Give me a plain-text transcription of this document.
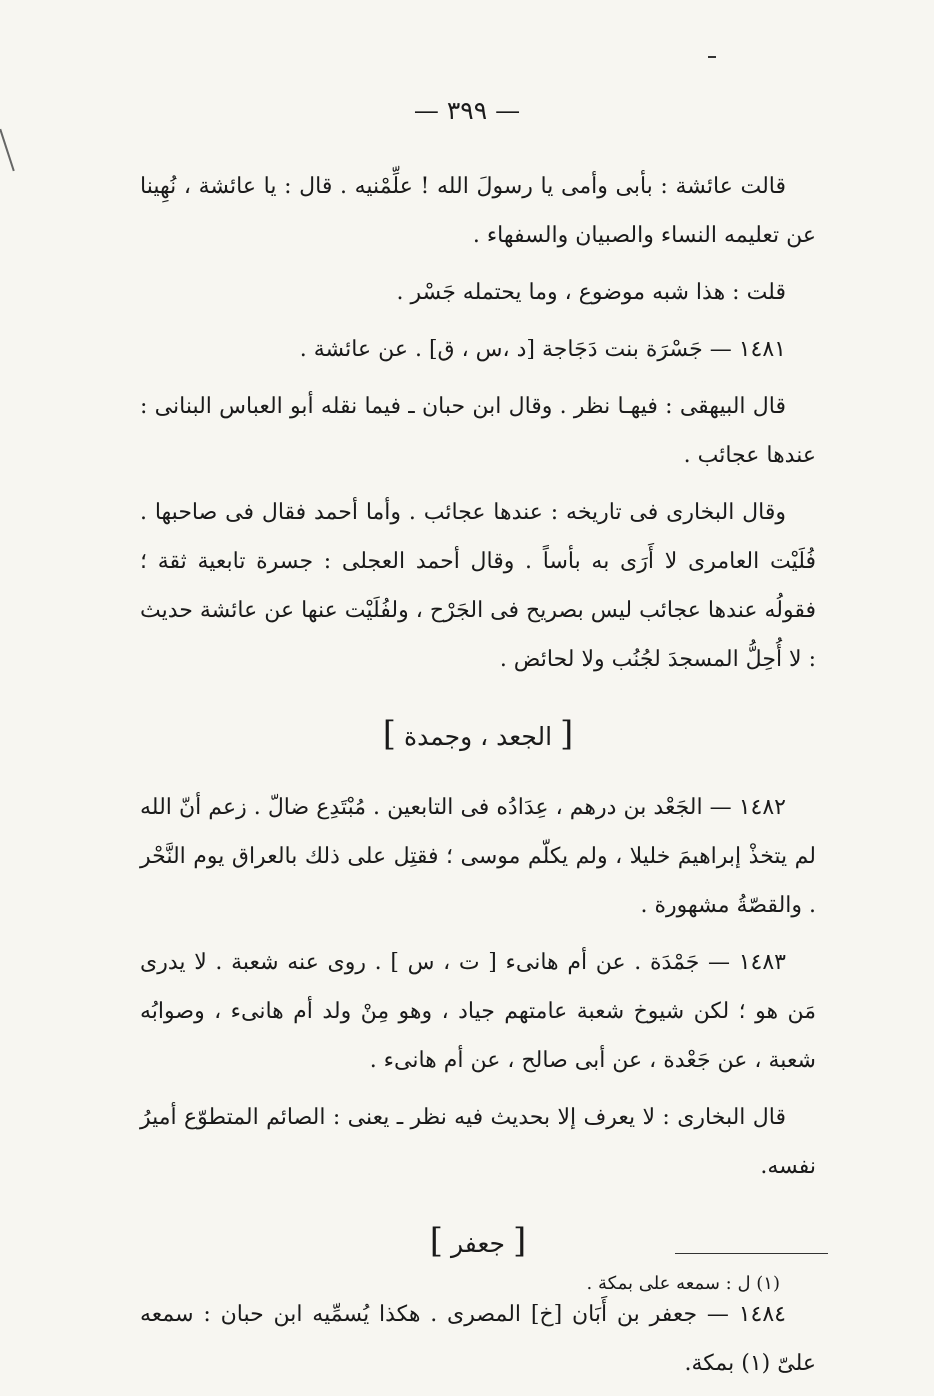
— ٣٩٩ —

قالت عائشة : بأبى وأمى يا رسولَ الله ! علِّمْنيه . قال : يا عائشة ، نُهِينا عن تعليمه النساء والصبيان والسفهاء .

قلت : هذا شبه موضوع ، وما يحتمله جَسْر .

١٤٨١ — جَسْرَة بنت دَجَاجة [د ،س ، ق] . عن عائشة .

قال البيهقى : فيهـا نظر . وقال ابن حبان ـ فيما نقله أبو العباس البنانى : عندها عجائب .

وقال البخارى فى تاريخه : عندها عجائب . وأما أحمد فقال فى صاحبها . فُلَيْت العامرى لا أَرَى به بأساً . وقال أحمد العجلى : جسرة تابعية ثقة ؛ فقولُه عندها عجائب ليس بصريح فى الجَرْح ، ولفُلَيْت عنها عن عائشة حديث : لا أُحِلُّ المسجدَ لجُنُب ولا لحائض .

[ الجعد ، وجمدة ]

١٤٨٢ — الجَعْد بن درهم ، عِدَادُه فى التابعين . مُبْتَدِع ضالّ . زعم أنّ الله لم يتخذْ إبراهيمَ خليلا ، ولم يكلّم موسى ؛ فقتِل على ذلك بالعراق يوم النَّحْر . والقصّةُ مشهورة .

١٤٨٣ — جَمْدَة . عن أم هانىء [ ت ، س ] . روى عنه شعبة . لا يدرى مَن هو ؛ لكن شيوخ شعبة عامتهم جياد ، وهو مِنْ ولد أم هانىء ، وصوابُه شعبة ، عن جَعْدة ، عن أبى صالح ، عن أم هانىء .

قال البخارى : لا يعرف إلا بحديث فيه نظر ـ يعنى : الصائم المتطوّع أميرُ نفسه.

[ جعفر ]

١٤٨٤ — جعفر بن أَبَان [خ] المصرى . هكذا يُسمِّيه ابن حبان : سمعه علىّ (١) بمكة.

(١) ل : سمعه على بمكة .
